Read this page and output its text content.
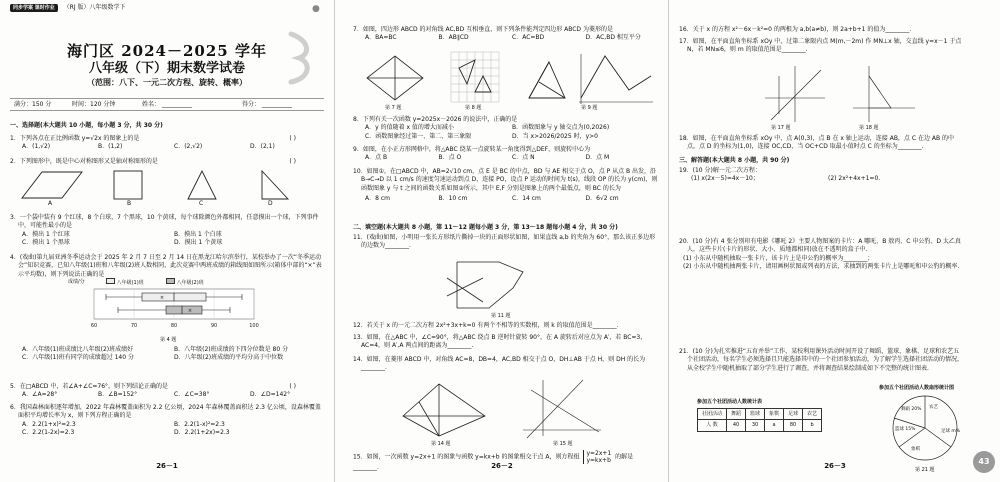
同步学案 课时作业 （RJ 版）八年级数学下	●
海门区 2024－2025 学年
八年级（下）期末数学试卷
（范围：八下、一元二次方程、旋转、概率）
满分：150 分	时间：120 分钟	姓名： __________	得分： __________
一、选择题(本大题共 10 小题，每小题 3 分，共 30 分)
1．下列各点在正比例函数 y=√2x 的图象上的是	( )
A．(1,√2)	B．(1,2)	C．(2,√2)	D．(2,1)
2．下列图形中，既是中心对称图形又是轴对称图形的是	( )
A	B	C	D
3．一个袋中装有 9 个红球，8 个白球，7 个黑球，10 个黄球，每个球除颜色外都相同，任意摸出一个球，下列事件中，可能性最小的是
A．摸出 1 个红球	B．摸出 1 个白球
C．摸出 1 个黑球	D．摸出 1 个黄球
4．(戏曲)第九届亚洲冬季运动会于 2025 年 2 月 7 日至 2 月 14 日在黑龙江哈尔滨举行，某校举办了一次“冬季运动会”知识竞赛，已知八年级(1)班和八年级(2)班人数相同，此次竞赛中两班成绩的箱线图如图所示(箱体中部的“×”表示平均数)，则下列说法正确的是
60	70	80	90	100
×
×
成绩/分	八年级(1)班	八年级(2)班
第 4 题
A．八年级(1)班成绩比八年级(2)班成绩好	B．八年级(2)班成绩的下四分位数是 80 分
C．八年级(1)班有同学的成绩超过 140 分	D．八年级(2)班成绩的平均分高于中位数
5．在□ABCD 中，若∠A+∠C=76°，则下列结论正确的是	( )
A．∠A=28°	B．∠B=152°	C．∠C=38°	D．∠D=142°
6．我国森林面积逐年增加，2022 年森林覆盖面积为 2.2 亿公顷，2024 年森林覆盖面积达 2.3 亿公顷，设森林覆盖面积平均增长率为 x，则下列方程正确的是
A．2.2(1+x)²=2.3	B．2.2(1-x)²=2.3
C．2.2(1-2x)=2.3	D．2.2(1+2x)=2.3
26－1
7．如图，四边形 ABCD 的对角线 AC,BD 互相垂直，则下列条件能判定四边形 ABCD 为菱形的是
A．BA=BC	B．AB∥CD	C．AC=BD	D．AC,BD 相互平分
第 7 题	第 8 题	第 9 题
8．下列有关一次函数 y=2025x－2026 的说法中，正确的是
A．y 的值随着 x 值的增大而减小	B．函数图象与 y 轴交点为(0,2026)
C．函数图象经过第一、第二、第三象限	D．当 x>2026/2025 时，y>0
9．如图，在小正方形网格中，将△ABC 绕某一点旋转某一角度得到△DEF，则旋转中心为
A．点 B	B．点 O	C．点 N	D．点 M
10．如图①，在□ABCD 中，AB=2√10 cm，点 E 是 BC 的中点，BD 与 AE 相交于点 O，点 P 从点 B 出发，沿 B→C→D 以 1 cm/s 的速度匀速运动到点 D，连接 PO，设点 P 运动的时间为 t(s)，线段 OP 的长为 y(cm)，则函数图象 y 与 t 之间的函数关系如图②所示，其中 E,F 分别是图象上的两个最低点，则 BC 的长为
A．8 cm	B．10 cm	C．14 cm	D．6√2 cm
二、填空题(本大题共 8 小题，第 11～12 题每小题 3 分，第 13～18 题每小题 4 分，共 30 分)
11．(戏曲)如图，小明用一张长方形纸片撕掉一块的正面形状如图，如果直线 a,b 的夹角为 60°，那么该正多边形的边数为________.
第 11 题
12．若关于 x 的一元二次方程 2x²+3x+k=0 有两个不相等的实数根，则 k 的取值范围是________.
13．如图，在△ABC 中，∠C=90°，将△ABC 绕点 B 逆时针旋转 90°，在 A 旋转后对应点为 A′，若 BC=3，AC=4，则 A′,A 两点间的距离为________.
14．如图，在菱形 ABCD 中，对角线 AC=8，DB=4，AC,BD 相交于点 O，DH⊥AB 于点 H，则 DH 的长为________.
第 14 题	第 15 题
15．如图，一次函数 y=2x+1 的图象与函数 y=kx+b 的图象相交于点 A，则方程组 y=2x+1
y=kx+b 的解是________.	26－2
16．关于 x 的方程 x²－6x－k²=0 的两根为 a,b(a≠b)，则 2a+b+1 的值为________.
17．如图，在平面直角坐标系 xOy 中，过第二象限内点 M(m,－2m) 作 MN⊥x 轴，交直线 y=x－1 于点 N，若 MN≤6，则 m 的取值范围是________.
第 17 题	第 18 题
18．如图，在平面直角坐标系 xOy 中，点 A(0,3)，点 B 在 x 轴上运动，连接 AB，点 C 在边 AB 的中点，点 D 的坐标为(1,0)，连接 OC,CD，当 OC+CD 取最小值时点 C 的坐标为________.
三、解答题(本大题共 8 小题，共 90 分)
19．(10 分)解一元二次方程：
(1) x(2x－5)=4x－10；	(2) 2x²+4x+1=0.
20．(10 分)有 4 张分别印有电影《哪吒 2》主要人物图案的卡片：A 哪吒、B 敖丙、C 申公豹、D 太乙真人，这些卡片(卡片的形状、大小、质地都相同)放在不透明的盒子中.
(1) 小东从中随机抽取一张卡片，该卡片上是申公豹的概率为________；
(2) 小东从中随机抽两张卡片，请用画树状图或列表的方法，求抽到的两张卡片上是哪吒和申公豹的概率.
21．(10 分)为扎实推进“五育并举”工作，某校利用课外活动时间开设了舞蹈、篮球、象棋、足球和农艺五个社团活动，每名学生必须选择且只能选择其中的一个社团参加活动，为了解学生选择社团活动的情况，从全校学生中随机抽取了部分学生进行了调查，并将调查结果绘制成如下不完整的统计图表.
参加五个社团活动人数统计表
社团活动	舞蹈	篮球	象棋	足球	农艺
人 数	40	30	a	80	b
参加五个社团活动人数扇形统计图
舞蹈 20%
篮球 15%
农艺
象棋
足球 m%
第 21 题
26－3	43
